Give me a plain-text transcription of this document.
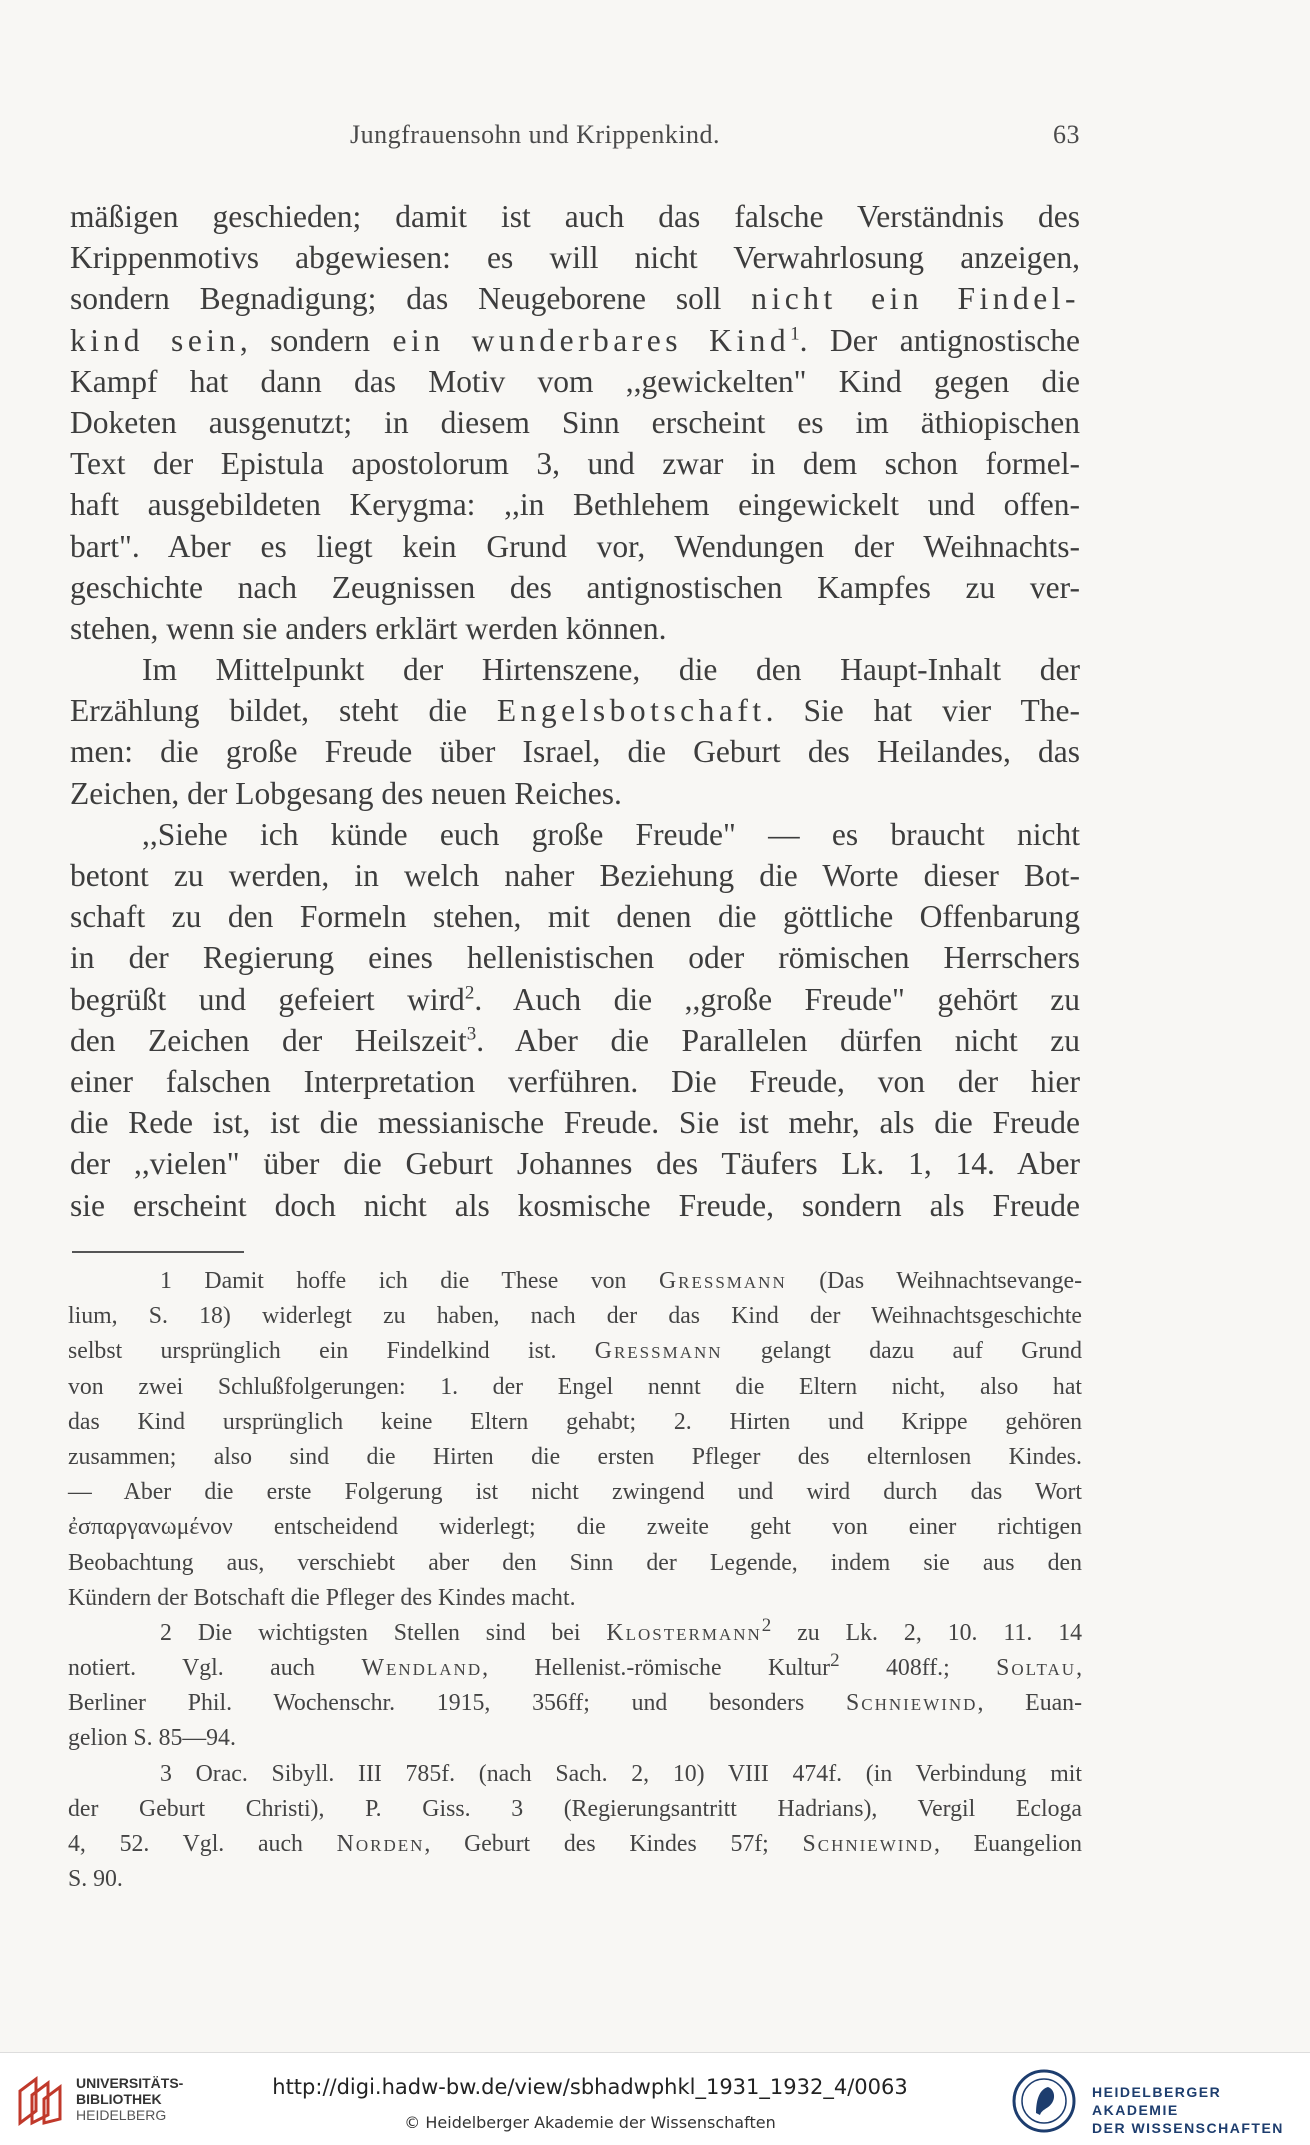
Jungfrauensohn und Krippenkind.	63
mäßigen geschieden; damit ist auch das falsche Verständnis des
Krippenmotivs abgewiesen: es will nicht Verwahrlosung anzeigen,
sondern Begnadigung; das Neugeborene soll nicht ein Findel-
kind sein, sondern ein wunderbares Kind$^1$. Der antignostische
Kampf hat dann das Motiv vom ,,gewickelten" Kind gegen die
Doketen ausgenutzt; in diesem Sinn erscheint es im äthiopischen
Text der Epistula apostolorum 3, und zwar in dem schon formel-
haft ausgebildeten Kerygma: ,,in Bethlehem eingewickelt und offen-
bart". Aber es liegt kein Grund vor, Wendungen der Weihnachts-
geschichte nach Zeugnissen des antignostischen Kampfes zu ver-
stehen, wenn sie anders erklärt werden können.
Im Mittelpunkt der Hirtenszene, die den Haupt-Inhalt der
Erzählung bildet, steht die Engelsbotschaft. Sie hat vier The-
men: die große Freude über Israel, die Geburt des Heilandes, das
Zeichen, der Lobgesang des neuen Reiches.
,,Siehe ich künde euch große Freude" — es braucht nicht
betont zu werden, in welch naher Beziehung die Worte dieser Bot-
schaft zu den Formeln stehen, mit denen die göttliche Offenbarung
in der Regierung eines hellenistischen oder römischen Herrschers
begrüßt und gefeiert wird$^2$. Auch die ,,große Freude" gehört zu
den Zeichen der Heilszeit$^3$. Aber die Parallelen dürfen nicht zu
einer falschen Interpretation verführen. Die Freude, von der hier
die Rede ist, ist die messianische Freude. Sie ist mehr, als die Freude
der ,,vielen" über die Geburt Johannes des Täufers Lk. 1, 14. Aber
sie erscheint doch nicht als kosmische Freude, sondern als Freude
1 Damit hoffe ich die These von Gressmann (Das Weihnachtsevange-
lium, S. 18) widerlegt zu haben, nach der das Kind der Weihnachtsgeschichte
selbst ursprünglich ein Findelkind ist. Gressmann gelangt dazu auf Grund
von zwei Schlußfolgerungen: 1. der Engel nennt die Eltern nicht, also hat
das Kind ursprünglich keine Eltern gehabt; 2. Hirten und Krippe gehören
zusammen; also sind die Hirten die ersten Pfleger des elternlosen Kindes.
— Aber die erste Folgerung ist nicht zwingend und wird durch das Wort
ἐσπαργανωμένον entscheidend widerlegt; die zweite geht von einer richtigen
Beobachtung aus, verschiebt aber den Sinn der Legende, indem sie aus den
Kündern der Botschaft die Pfleger des Kindes macht.
2 Die wichtigsten Stellen sind bei Klostermann$^2$ zu Lk. 2, 10. 11. 14
notiert. Vgl. auch Wendland, Hellenist.-römische Kultur$^2$ 408ff.; Soltau,
Berliner Phil. Wochenschr. 1915, 356ff; und besonders Schniewind, Euan-
gelion S. 85—94.
3 Orac. Sibyll. III 785f. (nach Sach. 2, 10) VIII 474f. (in Verbindung mit
der Geburt Christi), P. Giss. 3 (Regierungsantritt Hadrians), Vergil Ecloga
4, 52. Vgl. auch Norden, Geburt des Kindes 57f; Schniewind, Euangelion
S. 90.
UNIVERSITÄTS-
BIBLIOTHEK
HEIDELBERG
http://digi.hadw-bw.de/view/sbhadwphkl_1931_1932_4/0063
© Heidelberger Akademie der Wissenschaften
HEIDELBERGER AKADEMIE
DER WISSENSCHAFTEN
